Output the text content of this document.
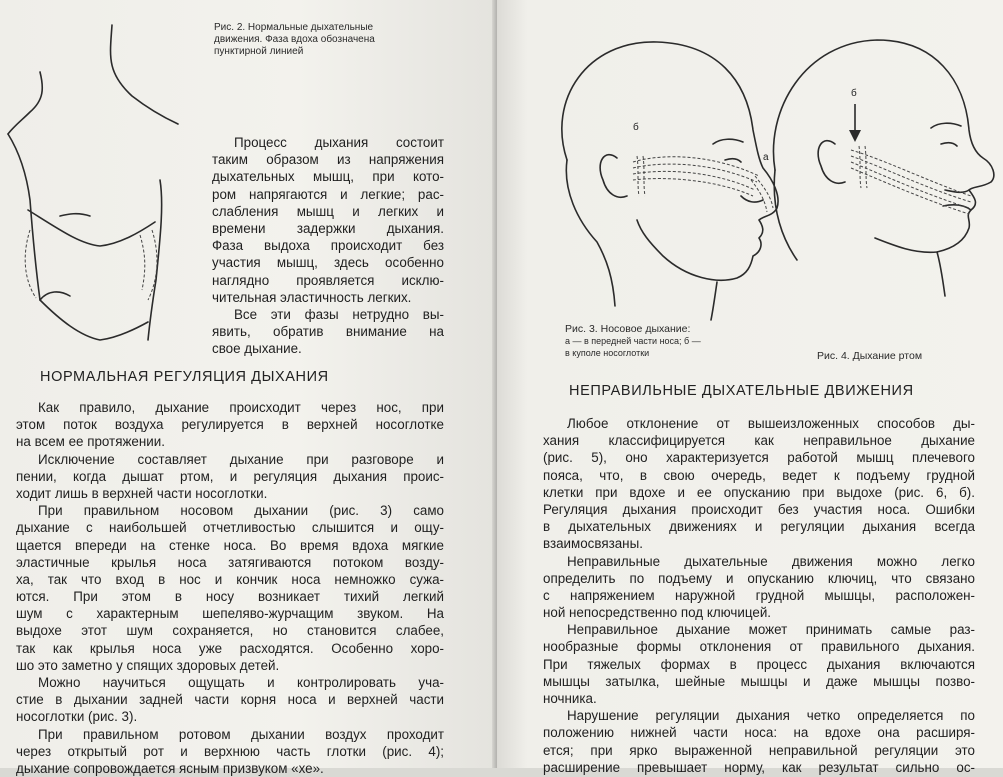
Рис. 2. Нормальные дыхательные
движения. Фаза вдоха обозначена
пунктирной линией
Процесс дыхания состоит
таким образом из напряжения
дыхательных мышц, при кото-
ром напрягаются и легкие; рас-
слабления мышц и легких и
времени задержки дыхания.
Фаза выдоха происходит без
участия мышц, здесь особенно
наглядно проявляется исклю-
чительная эластичность легких.
Все эти фазы нетрудно вы-
явить, обратив внимание на
свое дыхание.
НОРМАЛЬНАЯ РЕГУЛЯЦИЯ ДЫХАНИЯ
Как правило, дыхание происходит через нос, при
этом поток воздуха регулируется в верхней носоглотке
на всем ее протяжении.
Исключение составляет дыхание при разговоре и
пении, когда дышат ртом, и регуляция дыхания проис-
ходит лишь в верхней части носоглотки.
При правильном носовом дыхании (рис. 3) само
дыхание с наибольшей отчетливостью слышится и ощу-
щается впереди на стенке носа. Во время вдоха мягкие
эластичные крылья носа затягиваются потоком возду-
ха, так что вход в нос и кончик носа немножко сужа-
ются. При этом в носу возникает тихий легкий
шум с характерным шепеляво-журчащим звуком. На
выдохе этот шум сохраняется, но становится слабее,
так как крылья носа уже расходятся. Особенно хоро-
шо это заметно у спящих здоровых детей.
Можно научиться ощущать и контролировать уча-
стие в дыхании задней части корня носа и верхней части
носоглотки (рис. 3).
При правильном ротовом дыхании воздух проходит
через открытый рот и верхнюю часть глотки (рис. 4);
дыхание сопровождается ясным призвуком «хе».
б
а
б
Рис. 3. Носовое дыхание:
а — в передней части носа; б —
в куполе носоглотки	Рис. 4. Дыхание ртом
НЕПРАВИЛЬНЫЕ ДЫХАТЕЛЬНЫЕ ДВИЖЕНИЯ
Любое отклонение от вышеизложенных способов ды-
хания классифицируется как неправильное дыхание
(рис. 5), оно характеризуется работой мышц плечевого
пояса, что, в свою очередь, ведет к подъему грудной
клетки при вдохе и ее опусканию при выдохе (рис. 6, б).
Регуляция дыхания происходит без участия носа. Ошибки
в дыхательных движениях и регуляции дыхания всегда
взаимосвязаны.
Неправильные дыхательные движения можно легко
определить по подъему и опусканию ключиц, что связано
с напряжением наружной грудной мышцы, расположен-
ной непосредственно под ключицей.
Неправильное дыхание может принимать самые раз-
нообразные формы отклонения от правильного дыхания.
При тяжелых формах в процесс дыхания включаются
мышцы затылка, шейные мышцы и даже мышцы позво-
ночника.
Нарушение регуляции дыхания четко определяется по
положению нижней части носа: на вдохе она расширя-
ется; при ярко выраженной неправильной регуляции это
расширение превышает норму, как результат сильно ос-
